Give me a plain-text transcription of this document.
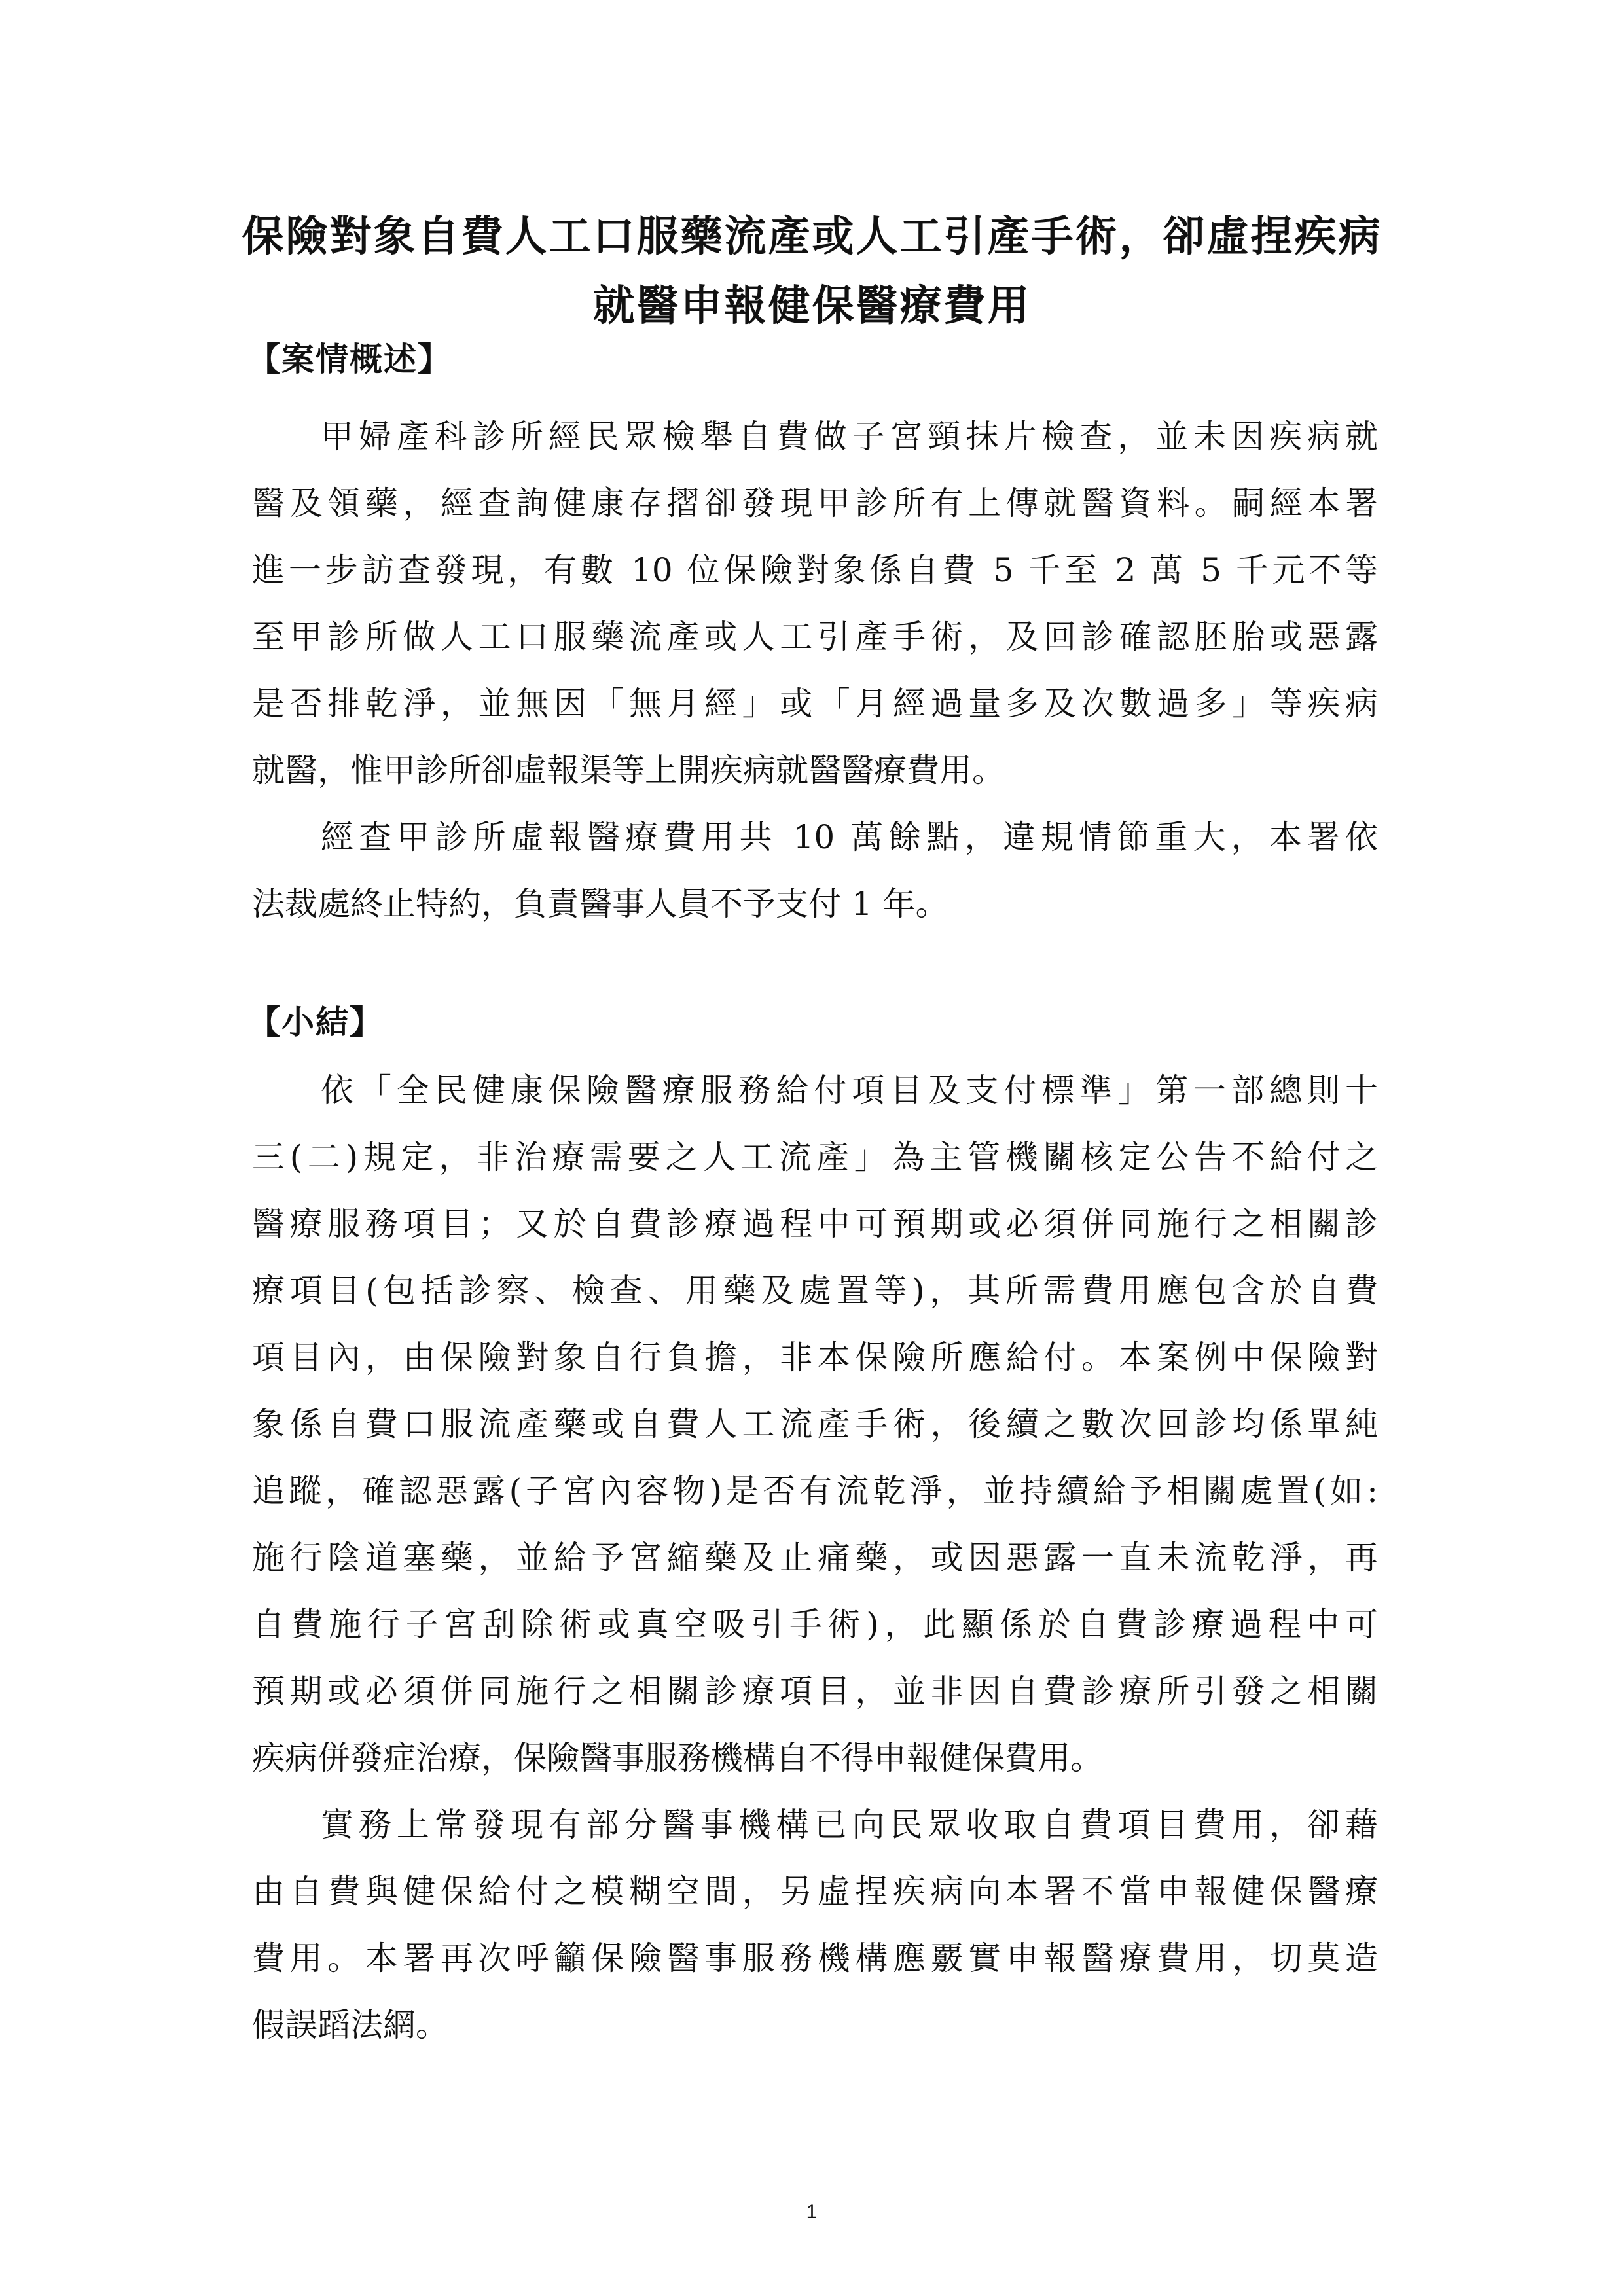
保險對象自費人工口服藥流產或人工引產手術，卻虛捏疾病
就醫申報健保醫療費用
【案情概述】
甲婦產科診所經民眾檢舉自費做子宮頸抹片檢查，並未因疾病就
醫及領藥，經查詢健康存摺卻發現甲診所有上傳就醫資料。嗣經本署
進一步訪查發現，有數 10 位保險對象係自費 5 千至 2 萬 5 千元不等
至甲診所做人工口服藥流產或人工引產手術，及回診確認胚胎或惡露
是否排乾淨，並無因「無月經」或「月經過量多及次數過多」等疾病
就醫，惟甲診所卻虛報渠等上開疾病就醫醫療費用。
經查甲診所虛報醫療費用共 10 萬餘點，違規情節重大，本署依
法裁處終止特約，負責醫事人員不予支付 1 年。
【小結】
依「全民健康保險醫療服務給付項目及支付標準」第一部總則十
三(二)規定，非治療需要之人工流產」為主管機關核定公告不給付之
醫療服務項目；又於自費診療過程中可預期或必須併同施行之相關診
療項目(包括診察、檢查、用藥及處置等)，其所需費用應包含於自費
項目內，由保險對象自行負擔，非本保險所應給付。本案例中保險對
象係自費口服流產藥或自費人工流產手術，後續之數次回診均係單純
追蹤，確認惡露(子宮內容物)是否有流乾淨，並持續給予相關處置(如:
施行陰道塞藥，並給予宮縮藥及止痛藥，或因惡露一直未流乾淨，再
自費施行子宮刮除術或真空吸引手術)，此顯係於自費診療過程中可
預期或必須併同施行之相關診療項目，並非因自費診療所引發之相關
疾病併發症治療，保險醫事服務機構自不得申報健保費用。
實務上常發現有部分醫事機構已向民眾收取自費項目費用，卻藉
由自費與健保給付之模糊空間，另虛捏疾病向本署不當申報健保醫療
費用。本署再次呼籲保險醫事服務機構應覈實申報醫療費用，切莫造
假誤蹈法網。
1
